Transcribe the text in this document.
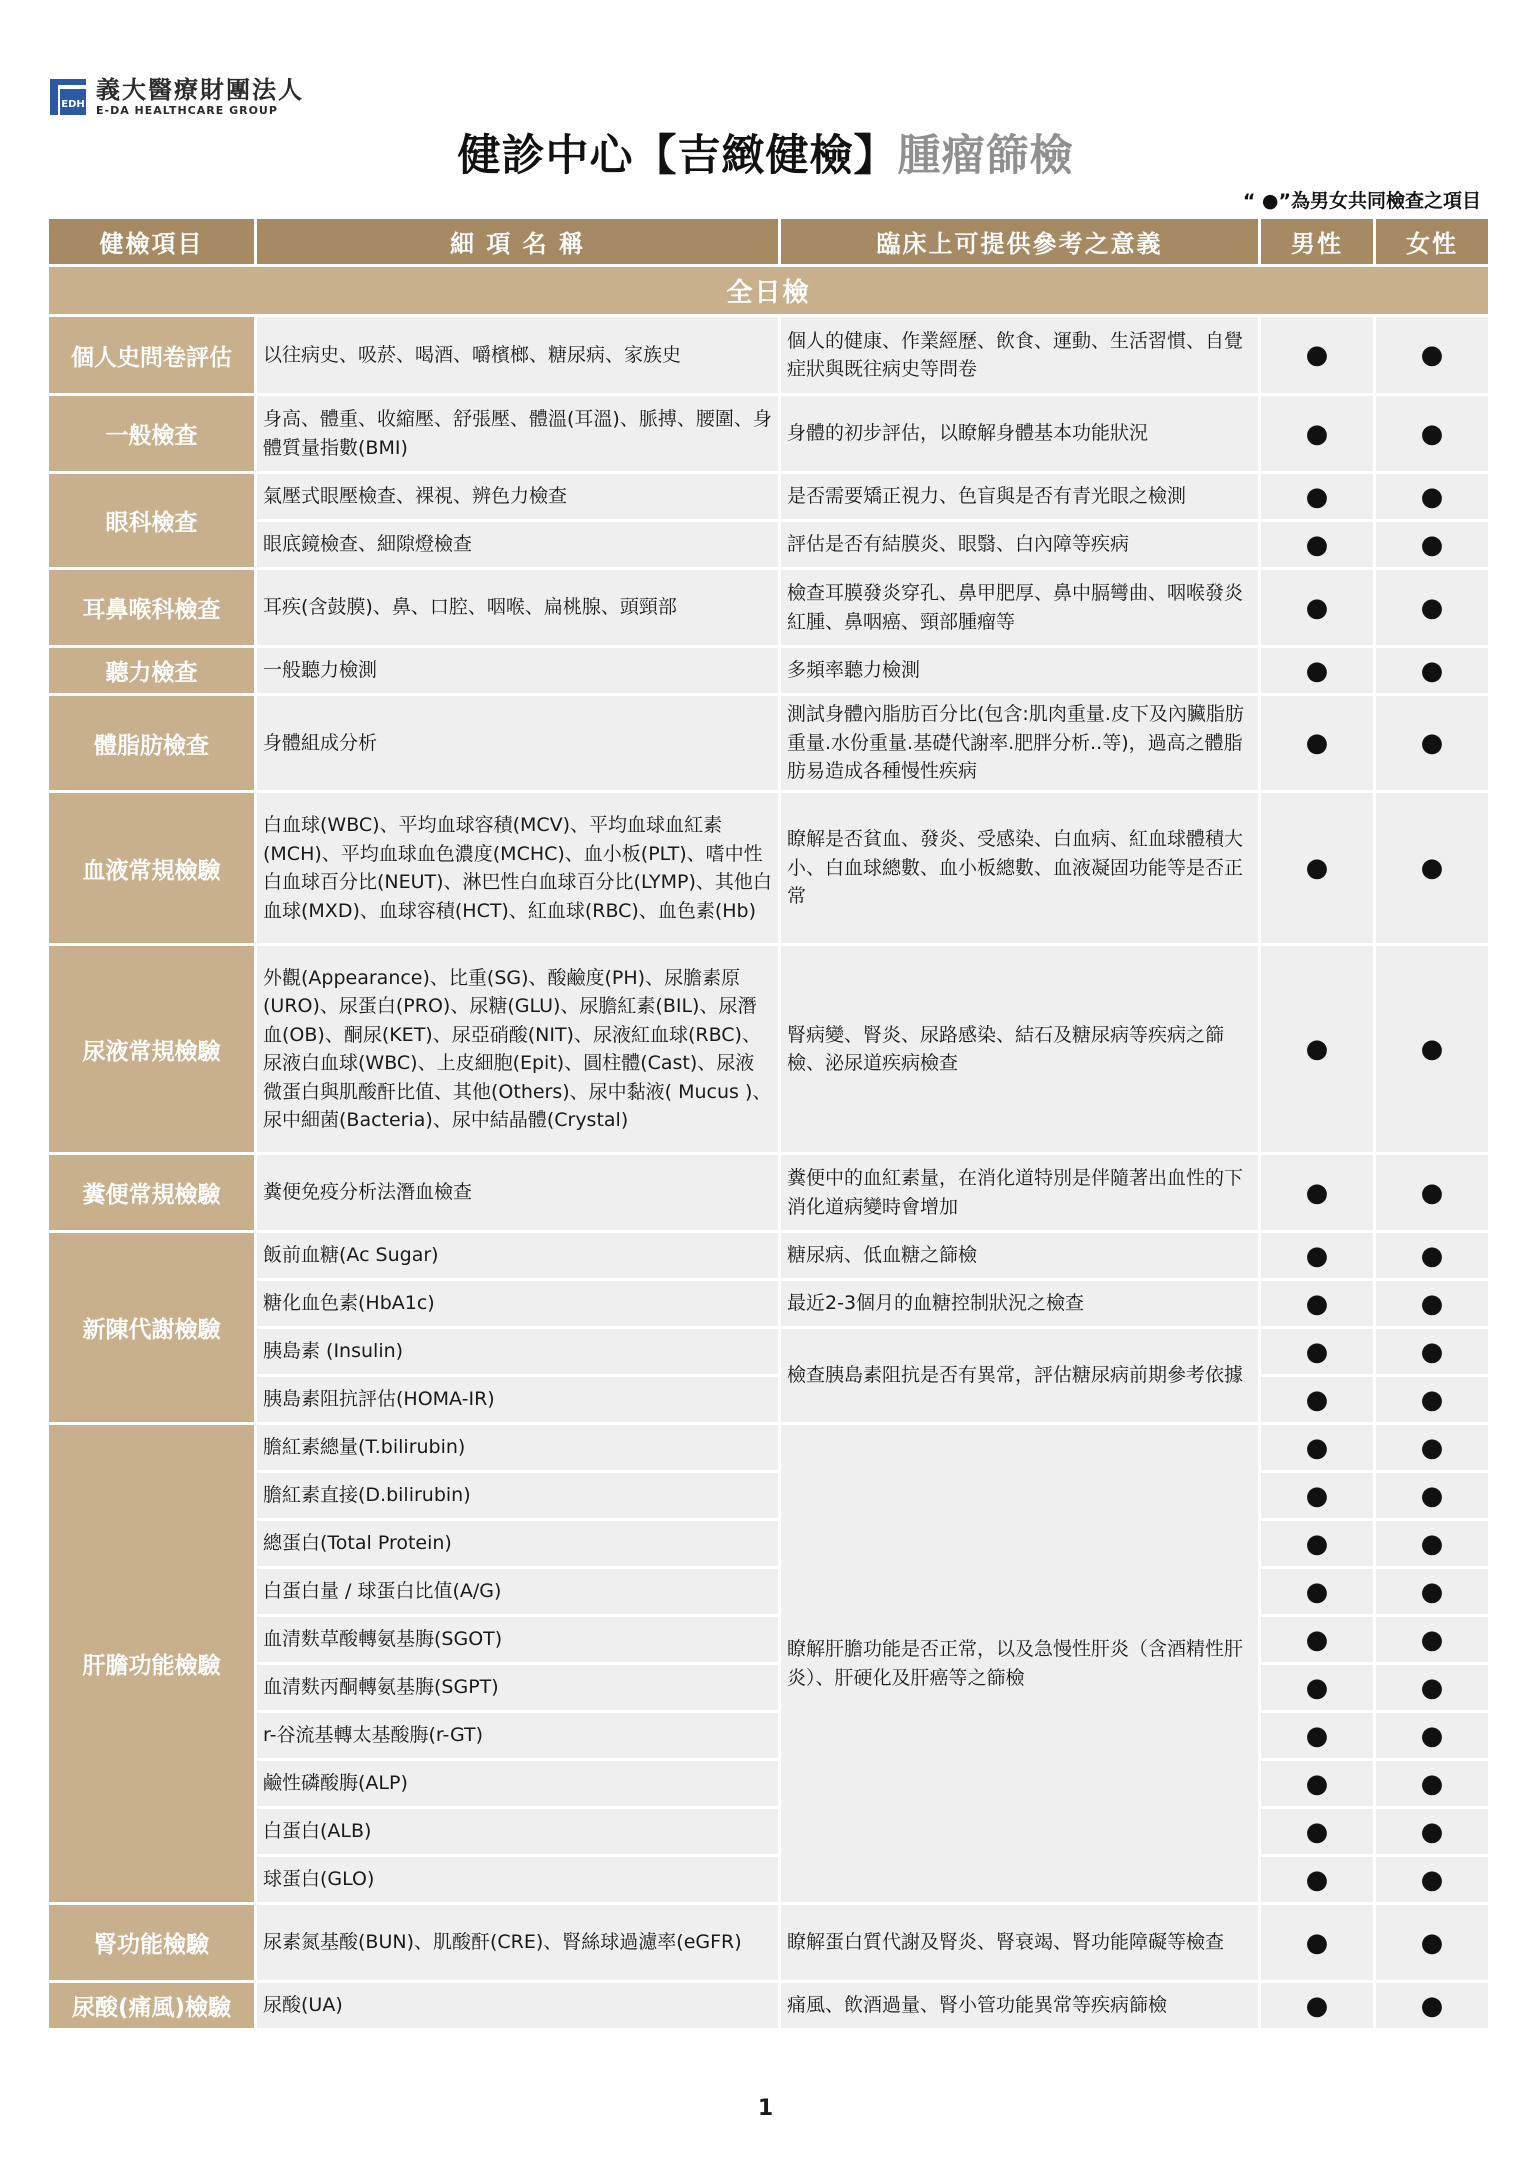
EDH
義大醫療財團法人
E-DA HEALTHCARE GROUP
健診中心【吉緻健檢】腫瘤篩檢
“ ●”為男女共同檢查之項目
健檢項目	細 項 名 稱	臨床上可提供參考之意義	男性	女性
全日檢				
個人史問卷評估	以往病史、吸菸、喝酒、嚼檳榔、糖尿病、家族史	個人的健康、作業經歷、飲食、運動、生活習慣、自覺症狀與既往病史等問卷	●	●
一般檢查	身高、體重、收縮壓、舒張壓、體溫(耳溫)、脈搏、腰圍、身體質量指數(BMI)	身體的初步評估，以瞭解身體基本功能狀況	●	●
眼科檢查	氣壓式眼壓檢查、裸視、辨色力檢查	是否需要矯正視力、色盲與是否有青光眼之檢測	●	●
	眼底鏡檢查、細隙燈檢查	評估是否有結膜炎、眼翳、白內障等疾病	●	●
耳鼻喉科檢查	耳疾(含鼓膜)、鼻、口腔、咽喉、扁桃腺、頭頸部	檢查耳膜發炎穿孔、鼻甲肥厚、鼻中膈彎曲、咽喉發炎紅腫、鼻咽癌、頸部腫瘤等	●	●
聽力檢查	一般聽力檢測	多頻率聽力檢測	●	●
體脂肪檢查	身體組成分析	測試身體內脂肪百分比(包含:肌肉重量.皮下及內臟脂肪重量.水份重量.基礎代謝率.肥胖分析..等)，過高之體脂肪易造成各種慢性疾病	●	●
血液常規檢驗	白血球(WBC)、平均血球容積(MCV)、平均血球血紅素(MCH)、平均血球血色濃度(MCHC)、血小板(PLT)、嗜中性白血球百分比(NEUT)、淋巴性白血球百分比(LYMP)、其他白血球(MXD)、血球容積(HCT)、紅血球(RBC)、血色素(Hb)	瞭解是否貧血、發炎、受感染、白血病、紅血球體積大小、白血球總數、血小板總數、血液凝固功能等是否正常	●	●
尿液常規檢驗	外觀(Appearance)、比重(SG)、酸鹼度(PH)、尿膽素原(URO)、尿蛋白(PRO)、尿糖(GLU)、尿膽紅素(BIL)、尿潛血(OB)、酮尿(KET)、尿亞硝酸(NIT)、尿液紅血球(RBC)、尿液白血球(WBC)、上皮細胞(Epit)、圓柱體(Cast)、尿液微蛋白與肌酸酐比值、其他(Others)、尿中黏液( Mucus )、尿中細菌(Bacteria)、尿中結晶體(Crystal)	腎病變、腎炎、尿路感染、結石及糖尿病等疾病之篩檢、泌尿道疾病檢查	●	●
糞便常規檢驗	糞便免疫分析法潛血檢查	糞便中的血紅素量，在消化道特別是伴隨著出血性的下消化道病變時會增加	●	●
新陳代謝檢驗	飯前血糖(Ac Sugar)	糖尿病、低血糖之篩檢	●	●
	糖化血色素(HbA1c)	最近2-3個月的血糖控制狀況之檢查	●	●
	胰島素 (Insulin)	檢查胰島素阻抗是否有異常，評估糖尿病前期參考依據	●	●
	胰島素阻抗評估(HOMA-IR)		●	●
肝膽功能檢驗	膽紅素總量(T.bilirubin)	瞭解肝膽功能是否正常，以及急慢性肝炎（含酒精性肝炎）、肝硬化及肝癌等之篩檢	●	●
	膽紅素直接(D.bilirubin)		●	●
	總蛋白(Total Protein)		●	●
	白蛋白量 / 球蛋白比值(A/G)		●	●
	血清麩草酸轉氨基脢(SGOT)		●	●
	血清麩丙酮轉氨基脢(SGPT)		●	●
	r-谷流基轉太基酸脢(r-GT)		●	●
	鹼性磷酸脢(ALP)		●	●
	白蛋白(ALB)		●	●
	球蛋白(GLO)		●	●
腎功能檢驗	尿素氮基酸(BUN)、肌酸酐(CRE)、腎絲球過濾率(eGFR)	瞭解蛋白質代謝及腎炎、腎衰竭、腎功能障礙等檢查	●	●
尿酸(痛風)檢驗	尿酸(UA)	痛風、飲酒過量、腎小管功能異常等疾病篩檢	●	●
1
